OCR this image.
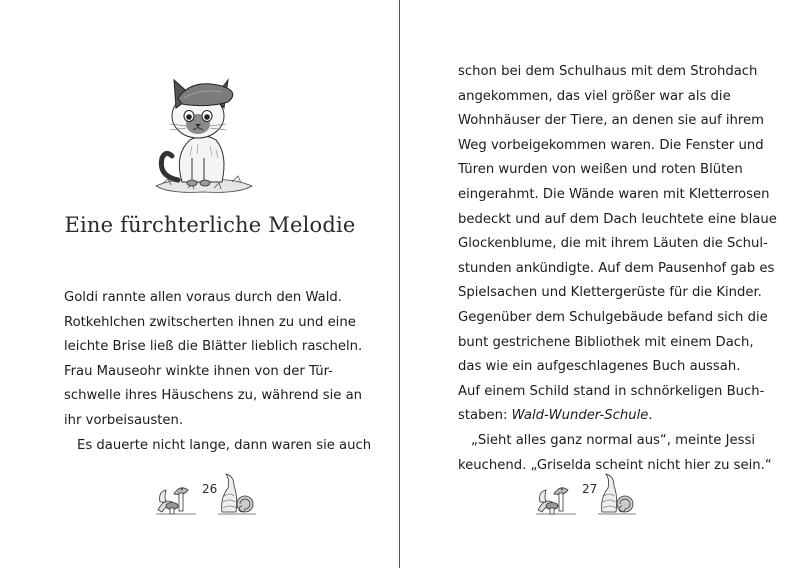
Eine fürchterliche Melodie

Goldi rannte allen voraus durch den Wald.

Rotkehlchen zwitscherten ihnen zu und eine

leichte Brise ließ die Blätter lieblich rascheln.

Frau Mauseohr winkte ihnen von der Tür-

schwelle ihres Häuschens zu, während sie an

ihr vorbeisausten.

Es dauerte nicht lange, dann waren sie auch

26

schon bei dem Schulhaus mit dem Strohdach

angekommen, das viel größer war als die

Wohnhäuser der Tiere, an denen sie auf ihrem

Weg vorbeigekommen waren. Die Fenster und

Türen wurden von weißen und roten Blüten

eingerahmt. Die Wände waren mit Kletterrosen

bedeckt und auf dem Dach leuchtete eine blaue

Glockenblume, die mit ihrem Läuten die Schul-

stunden ankündigte. Auf dem Pausenhof gab es

Spielsachen und Klettergerüste für die Kinder.

Gegenüber dem Schulgebäude befand sich die

bunt gestrichene Bibliothek mit einem Dach,

das wie ein aufgeschlagenes Buch aussah.

Auf einem Schild stand in schnörkeligen Buch-

staben: Wald-Wunder-Schule.

„Sieht alles ganz normal aus“, meinte Jessi

keuchend. „Griselda scheint nicht hier zu sein.“

27
